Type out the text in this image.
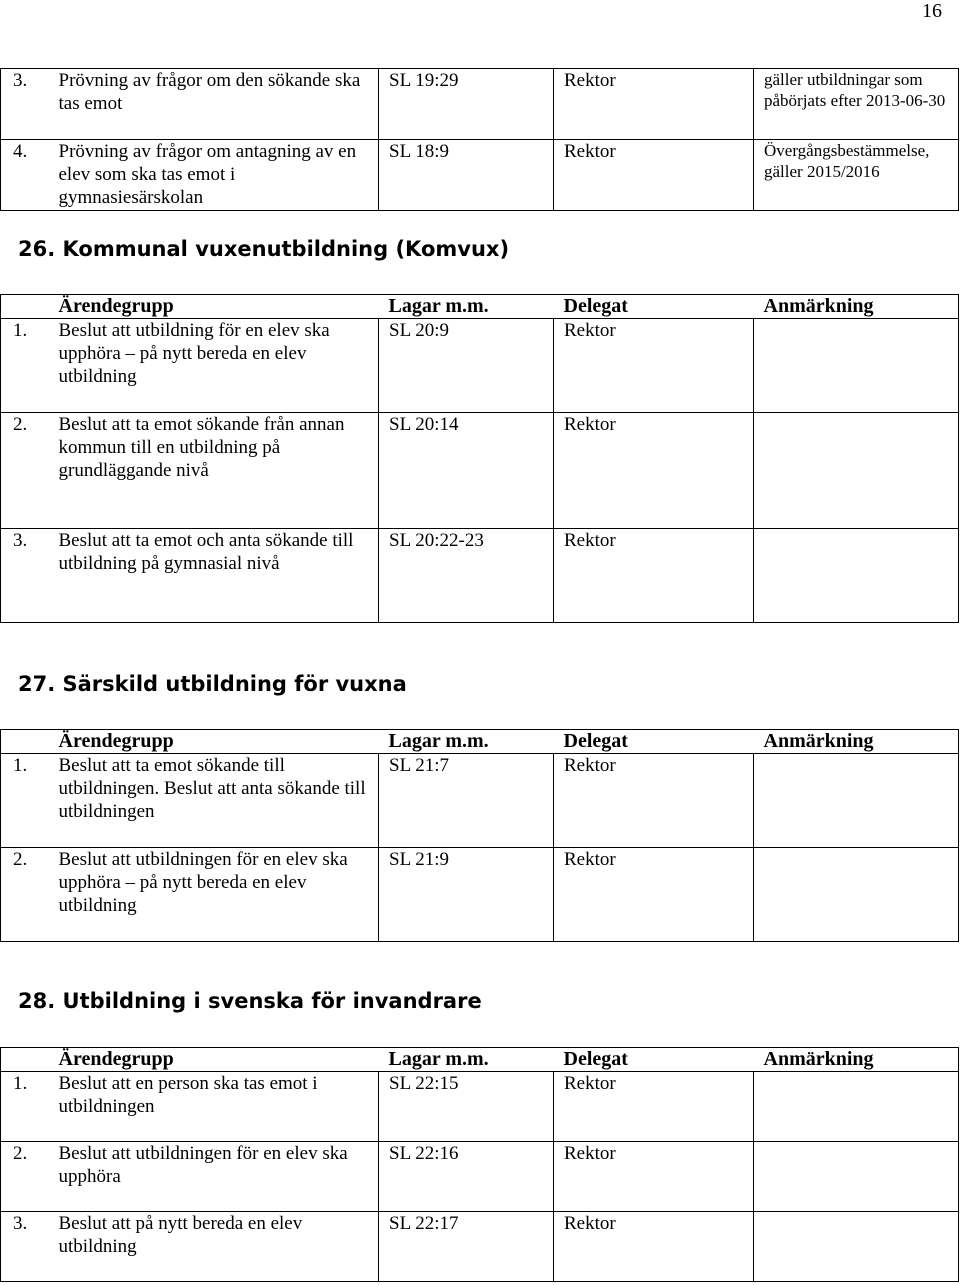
16
3.	Prövning av frågor om den sökande ska tas emot	SL 19:29	Rektor	gäller utbildningar som påbörjats efter 2013-06-30
4.	Prövning av frågor om antagning av en elev som ska tas emot i gymnasiesärskolan	SL 18:9	Rektor	Övergångsbestämmelse, gäller 2015/2016
26. Kommunal vuxenutbildning (Komvux)
	Ärendegrupp	Lagar m.m.	Delegat	Anmärkning
1.	Beslut att utbildning för en elev ska upphöra – på nytt bereda en elev utbildning	SL 20:9	Rektor	
2.	Beslut att ta emot sökande från annan kommun till en utbildning på grundläggande nivå	SL 20:14	Rektor	
3.	Beslut att ta emot och anta sökande till utbildning på gymnasial nivå	SL 20:22-23	Rektor	
27. Särskild utbildning för vuxna
	Ärendegrupp	Lagar m.m.	Delegat	Anmärkning
1.	Beslut att ta emot sökande till utbildningen. Beslut att anta sökande till utbildningen	SL 21:7	Rektor	
2.	Beslut att utbildningen för en elev ska upphöra – på nytt bereda en elev utbildning	SL 21:9	Rektor	
28. Utbildning i svenska för invandrare
	Ärendegrupp	Lagar m.m.	Delegat	Anmärkning
1.	Beslut att en person ska tas emot i utbildningen	SL 22:15	Rektor	
2.	Beslut att utbildningen för en elev ska upphöra	SL 22:16	Rektor	
3.	Beslut att på nytt bereda en elev utbildning	SL 22:17	Rektor	
